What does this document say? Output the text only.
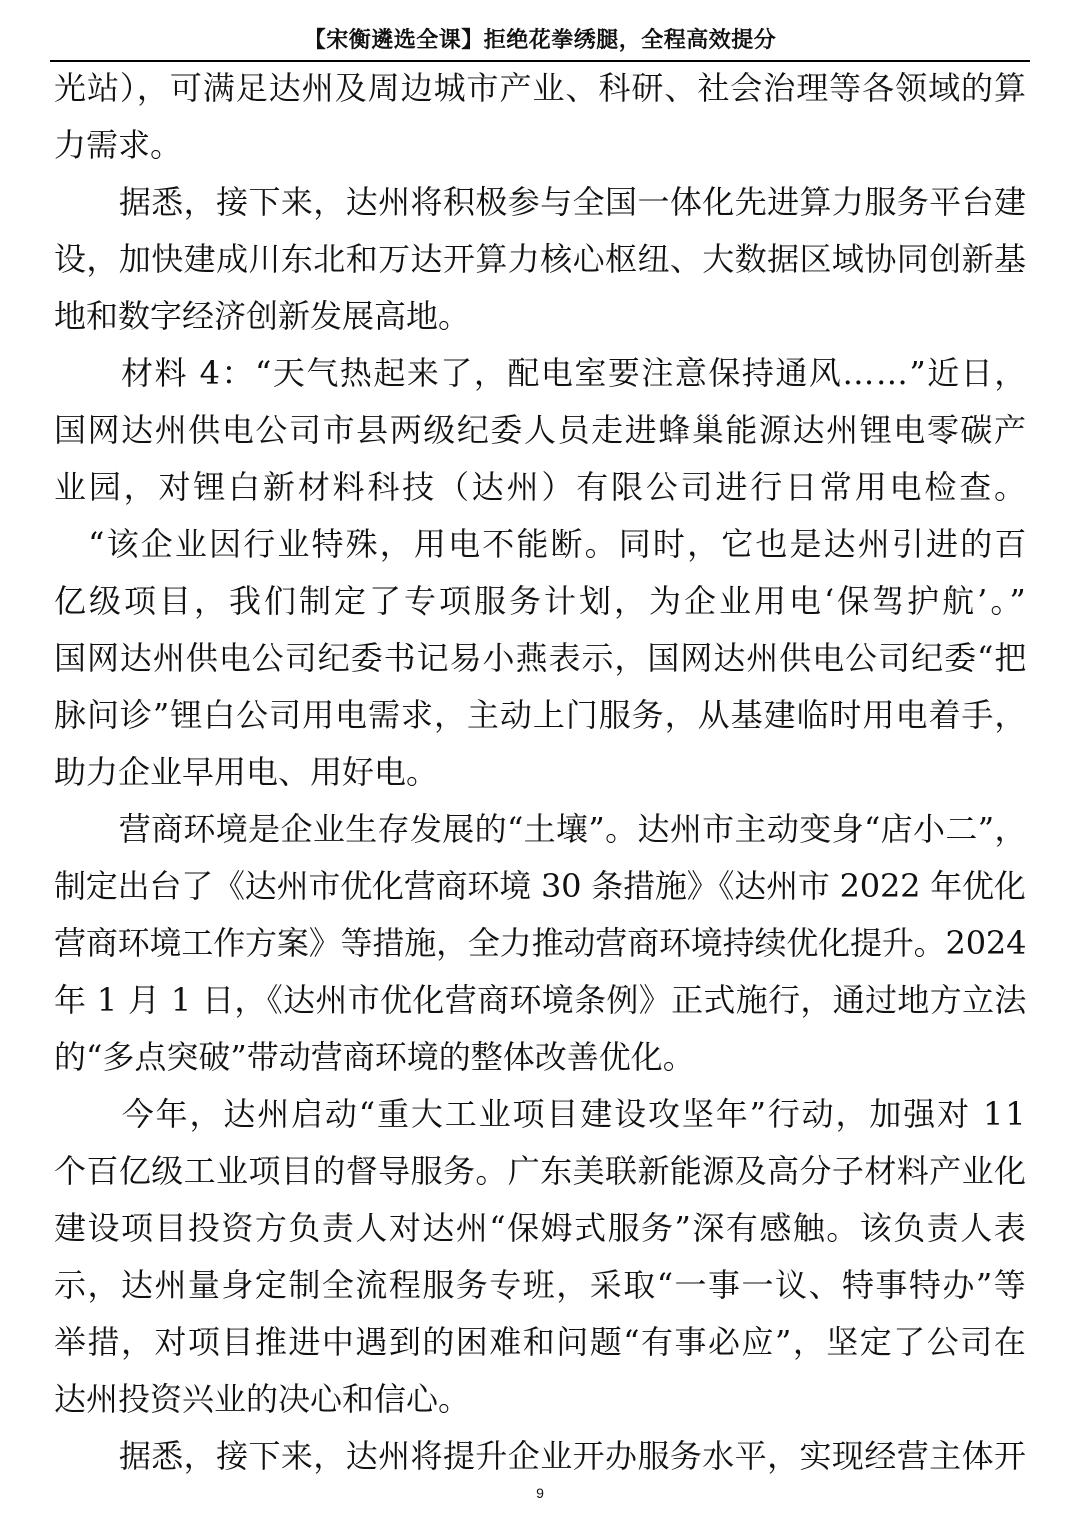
【宋衡遴选全课】拒绝花拳绣腿，全程高效提分
光站），可满足达州及周边城市产业、科研、社会治理等各领域的算
力需求。
　　据悉，接下来，达州将积极参与全国一体化先进算力服务平台建
设，加快建成川东北和万达开算力核心枢纽、大数据区域协同创新基
地和数字经济创新发展高地。
　　材料 4：“天气热起来了，配电室要注意保持通风……”近日，
国网达州供电公司市县两级纪委人员走进蜂巢能源达州锂电零碳产
业园，对锂白新材料科技（达州）有限公司进行日常用电检查。
　“该企业因行业特殊，用电不能断。同时，它也是达州引进的百
亿级项目，我们制定了专项服务计划，为企业用电‘保驾护航’。”
国网达州供电公司纪委书记易小燕表示，国网达州供电公司纪委“把
脉问诊”锂白公司用电需求，主动上门服务，从基建临时用电着手，
助力企业早用电、用好电。
　　营商环境是企业生存发展的“土壤”。达州市主动变身“店小二”，
制定出台了《达州市优化营商环境 30 条措施》《达州市 2022 年优化
营商环境工作方案》等措施，全力推动营商环境持续优化提升。2024
年 1 月 1 日，《达州市优化营商环境条例》正式施行，通过地方立法
的“多点突破”带动营商环境的整体改善优化。
　　今年，达州启动“重大工业项目建设攻坚年”行动，加强对 11
个百亿级工业项目的督导服务。广东美联新能源及高分子材料产业化
建设项目投资方负责人对达州“保姆式服务”深有感触。该负责人表
示，达州量身定制全流程服务专班，采取“一事一议、特事特办”等
举措，对项目推进中遇到的困难和问题“有事必应”，坚定了公司在
达州投资兴业的决心和信心。
　　据悉，接下来，达州将提升企业开办服务水平，实现经营主体开
9
